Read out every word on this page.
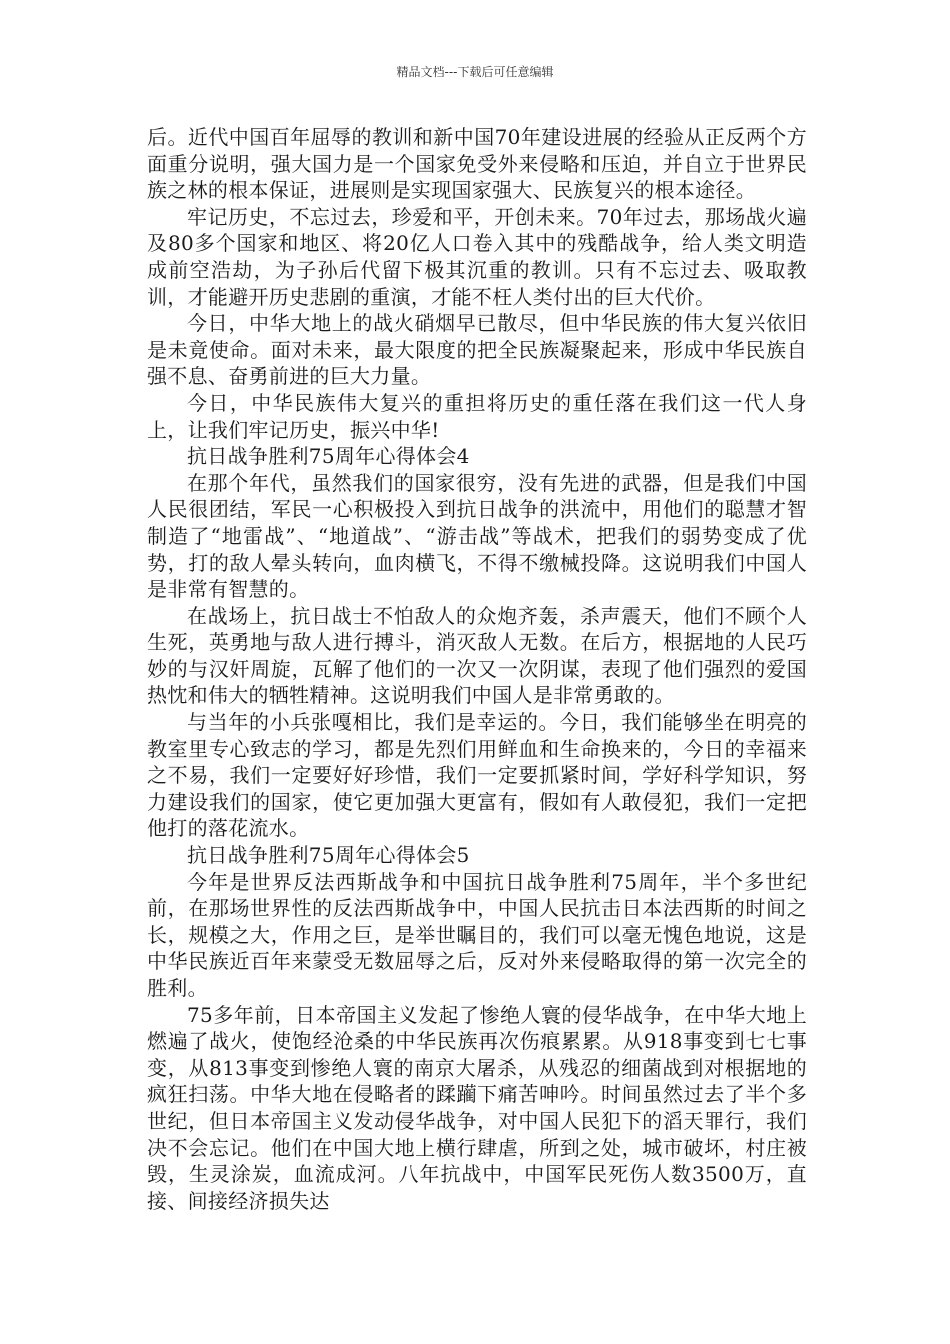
精品文档---下载后可任意编辑

后。近代中国百年屈辱的教训和新中国70年建设进展的经验从正反两个方面重分说明，强大国力是一个国家免受外来侵略和压迫，并自立于世界民族之林的根本保证，进展则是实现国家强大、民族复兴的根本途径。

牢记历史，不忘过去，珍爱和平，开创未来。70年过去，那场战火遍及80多个国家和地区、将20亿人口卷入其中的残酷战争，给人类文明造成前空浩劫，为子孙后代留下极其沉重的教训。只有不忘过去、吸取教训，才能避开历史悲剧的重演，才能不枉人类付出的巨大代价。

今日，中华大地上的战火硝烟早已散尽，但中华民族的伟大复兴依旧是未竟使命。面对未来，最大限度的把全民族凝聚起来，形成中华民族自强不息、奋勇前进的巨大力量。

今日，中华民族伟大复兴的重担将历史的重任落在我们这一代人身上，让我们牢记历史，振兴中华!

抗日战争胜利75周年心得体会4

在那个年代，虽然我们的国家很穷，没有先进的武器，但是我们中国人民很团结，军民一心积极投入到抗日战争的洪流中，用他们的聪慧才智制造了“地雷战”、“地道战”、“游击战”等战术，把我们的弱势变成了优势，打的敌人晕头转向，血肉横飞，不得不缴械投降。这说明我们中国人是非常有智慧的。

在战场上，抗日战士不怕敌人的众炮齐轰，杀声震天，他们不顾个人生死，英勇地与敌人进行搏斗，消灭敌人无数。在后方，根据地的人民巧妙的与汉奸周旋，瓦解了他们的一次又一次阴谋，表现了他们强烈的爱国热忱和伟大的牺牲精神。这说明我们中国人是非常勇敢的。

与当年的小兵张嘎相比，我们是幸运的。今日，我们能够坐在明亮的教室里专心致志的学习，都是先烈们用鲜血和生命换来的，今日的幸福来之不易，我们一定要好好珍惜，我们一定要抓紧时间，学好科学知识，努力建设我们的国家，使它更加强大更富有，假如有人敢侵犯，我们一定把他打的落花流水。

抗日战争胜利75周年心得体会5

今年是世界反法西斯战争和中国抗日战争胜利75周年，半个多世纪前，在那场世界性的反法西斯战争中，中国人民抗击日本法西斯的时间之长，规模之大，作用之巨，是举世瞩目的，我们可以毫无愧色地说，这是中华民族近百年来蒙受无数屈辱之后，反对外来侵略取得的第一次完全的胜利。

75多年前，日本帝国主义发起了惨绝人寰的侵华战争，在中华大地上燃遍了战火，使饱经沧桑的中华民族再次伤痕累累。从918事变到七七事变，从813事变到惨绝人寰的南京大屠杀，从残忍的细菌战到对根据地的疯狂扫荡。中华大地在侵略者的蹂躏下痛苦呻吟。时间虽然过去了半个多世纪，但日本帝国主义发动侵华战争，对中国人民犯下的滔天罪行，我们决不会忘记。他们在中国大地上横行肆虐，所到之处，城市破坏，村庄被毁，生灵涂炭，血流成河。八年抗战中，中国军民死伤人数3500万，直接、间接经济损失达
